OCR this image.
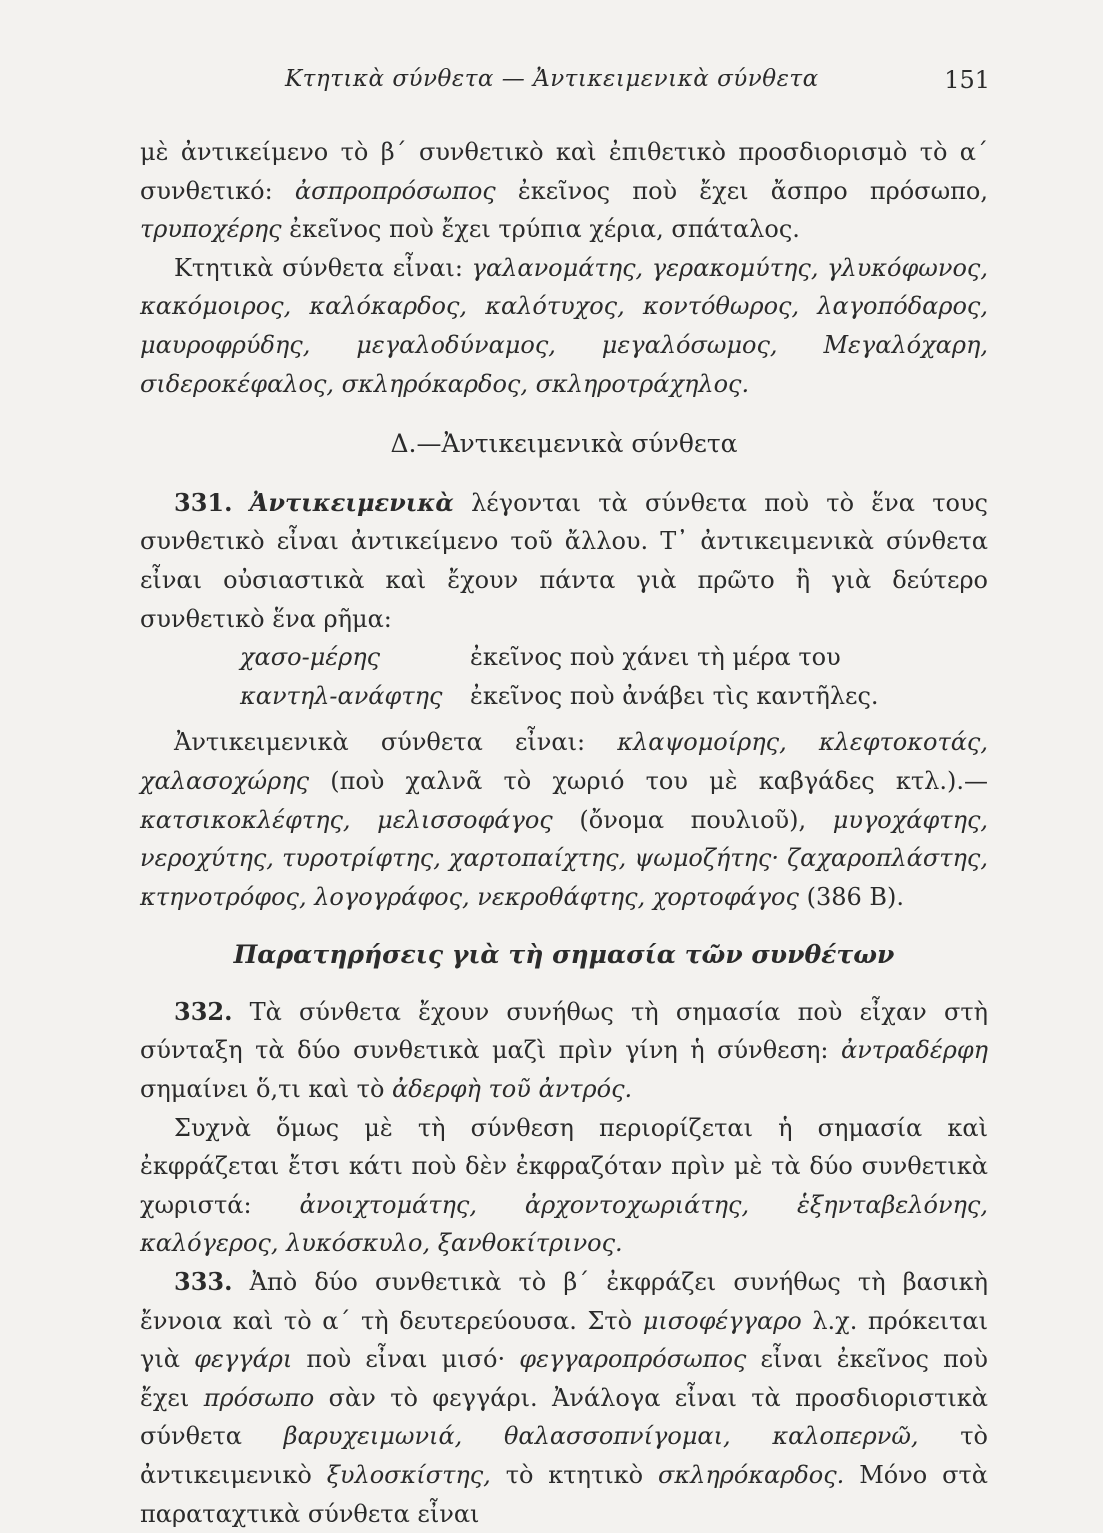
Κτητικὰ σύνθετα — Ἀντικειμενικὰ σύνθετα	151

μὲ ἀντικείμενο τὸ β΄ συνθετικὸ καὶ ἐπιθετικὸ προσδιορισμὸ τὸ α΄ συνθετικό: ἀσπροπρόσωπος ἐκεῖνος ποὺ ἔχει ἄσπρο πρόσωπο, τρυποχέρης ἐκεῖνος ποὺ ἔχει τρύπια χέρια, σπάταλος.

Κτητικὰ σύνθετα εἶναι: γαλανομάτης, γερακομύτης, γλυκόφωνος, κακόμοιρος, καλόκαρδος, καλότυχος, κοντόθωρος, λαγοπόδαρος, μαυροφρύδης, μεγαλοδύναμος, μεγαλόσωμος, Μεγαλόχαρη, σιδεροκέφαλος, σκληρόκαρδος, σκληροτράχηλος.

Δ.—Ἀντικειμενικὰ σύνθετα

331. Ἀντικειμενικὰ λέγονται τὰ σύνθετα ποὺ τὸ ἕνα τους συνθετικὸ εἶναι ἀντικείμενο τοῦ ἄλλου. Τ᾽ ἀντικειμενικὰ σύνθετα εἶναι οὐσιαστικὰ καὶ ἔχουν πάντα γιὰ πρῶτο ἢ γιὰ δεύτερο συνθετικὸ ἕνα ρῆμα:

χασο-μέρης	ἐκεῖνος ποὺ χάνει τὴ μέρα του
καντηλ-ανάφτης	ἐκεῖνος ποὺ ἀνάβει τὶς καντῆλες.

Ἀντικειμενικὰ σύνθετα εἶναι: κλαψομοίρης, κλεφτοκοτάς, χαλασοχώρης (ποὺ χαλνᾶ τὸ χωριό του μὲ καβγάδες κτλ.).—κατσικοκλέφτης, μελισσοφάγος (ὄνομα πουλιοῦ), μυγοχάφτης, νεροχύτης, τυροτρίφτης, χαρτοπαίχτης, ψωμοζήτης· ζαχαροπλάστης, κτηνοτρόφος, λογογράφος, νεκροθάφτης, χορτοφάγος (386 Β).

Παρατηρήσεις γιὰ τὴ σημασία τῶν συνθέτων

332. Τὰ σύνθετα ἔχουν συνήθως τὴ σημασία ποὺ εἶχαν στὴ σύνταξη τὰ δύο συνθετικὰ μαζὶ πρὶν γίνη ἡ σύνθεση: ἀντραδέρφη σημαίνει ὅ,τι καὶ τὸ ἀδερφὴ τοῦ ἀντρός.

Συχνὰ ὅμως μὲ τὴ σύνθεση περιορίζεται ἡ σημασία καὶ ἐκφράζεται ἔτσι κάτι ποὺ δὲν ἐκφραζόταν πρὶν μὲ τὰ δύο συνθετικὰ χωριστά: ἀνοιχτομάτης, ἀρχοντοχωριάτης, ἑξηνταβελόνης, καλόγερος, λυκόσκυλο, ξανθοκίτρινος.

333. Ἀπὸ δύο συνθετικὰ τὸ β΄ ἐκφράζει συνήθως τὴ βασικὴ ἔννοια καὶ τὸ α΄ τὴ δευτερεύουσα. Στὸ μισοφέγγαρο λ.χ. πρόκειται γιὰ φεγγάρι ποὺ εἶναι μισό· φεγγαροπρόσωπος εἶναι ἐκεῖνος ποὺ ἔχει πρόσωπο σὰν τὸ φεγγάρι. Ἀνάλογα εἶναι τὰ προσδιοριστικὰ σύνθετα βαρυχειμωνιά, θαλασσοπνίγομαι, καλοπερνῶ, τὸ ἀντικειμενικὸ ξυλοσκίστης, τὸ κτητικὸ σκληρόκαρδος. Μόνο στὰ παραταχτικὰ σύνθετα εἶναι
